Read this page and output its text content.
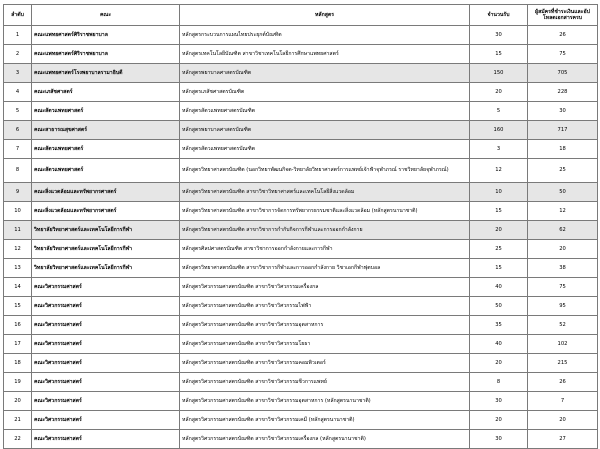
ลำดับ	คณะ	หลักสูตร	จำนวนรับ	ผู้สมัครที่ชำระเงินและอัปโหลดเอกสารครบ
1	คณะแพทยศาสตร์ศิริราชพยาบาล	หลักสูตรกระบวนการแผนไทยประยุกต์บัณฑิต	30	26
2	คณะแพทยศาสตร์ศิริราชพยาบาล	หลักสูตรเทคโนโลยีบัณฑิต สาขาวิชาเทคโนโลยีการศึกษาแพทยศาสตร์	15	75
3	คณะแพทยศาสตร์โรงพยาบาลรามาธิบดี	หลักสูตรพยาบาลศาสตรบัณฑิต	150	705
4	คณะเภสัชศาสตร์	หลักสูตรเภสัชศาสตรบัณฑิต	20	228
5	คณะสัตวแพทยศาสตร์	หลักสูตรสัตวแพทยศาสตรบัณฑิต	5	30
6	คณะสาธารณสุขศาสตร์	หลักสูตรพยาบาลศาสตรบัณฑิต	160	717
7	คณะสัตวแพทยศาสตร์	หลักสูตรสัตวแพทยศาสตรบัณฑิต	3	18
8	คณะสัตวแพทยศาสตร์	หลักสูตรวิทยาศาสตรบัณฑิต (นอกวิทยาพัฒนกิจต-วิทยาลัยวิทยาศาสตร์การแพทย์เจ้าฟ้าจุฬาภรณ์ ราชวิทยาลัยจุฬาภรณ์)	12	25
9	คณะสิ่งแวดล้อมและทรัพยากรศาสตร์	หลักสูตรวิทยาศาสตรบัณฑิต สาขาวิชาวิทยาศาสตร์และเทคโนโลยีสิ่งแวดล้อม	10	50
10	คณะสิ่งแวดล้อมและทรัพยากรศาสตร์	หลักสูตรวิทยาศาสตรบัณฑิต สาขาวิชาการจัดการทรัพยากรธรรมชาติและสิ่งแวดล้อม (หลักสูตรนานาชาติ)	15	12
11	วิทยาลัยวิทยาศาสตร์และเทคโนโลยีการกีฬา	หลักสูตรวิทยาศาสตรบัณฑิต สาขาวิชาการกำกับกิจการกีฬาและการออกกำลังกาย	20	62
12	วิทยาลัยวิทยาศาสตร์และเทคโนโลยีการกีฬา	หลักสูตรศิลปศาสตรบัณฑิต สาขาวิชาการออกกำลังกายและการกีฬา	25	20
13	วิทยาลัยวิทยาศาสตร์และเทคโนโลยีการกีฬา	หลักสูตรวิทยาศาสตรบัณฑิต สาขาวิชาการกีฬาและการออกกำลังกาย วิชาเอกกีฬาฟุตบอล	15	38
14	คณะวิศวกรรมศาสตร์	หลักสูตรวิศวกรรมศาสตรบัณฑิต สาขาวิชาวิศวกรรมเครื่องกล	40	75
15	คณะวิศวกรรมศาสตร์	หลักสูตรวิศวกรรมศาสตรบัณฑิต สาขาวิชาวิศวกรรมไฟฟ้า	50	95
16	คณะวิศวกรรมศาสตร์	หลักสูตรวิศวกรรมศาสตรบัณฑิต สาขาวิชาวิศวกรรมอุตสาหการ	35	52
17	คณะวิศวกรรมศาสตร์	หลักสูตรวิศวกรรมศาสตรบัณฑิต สาขาวิชาวิศวกรรมโยธา	40	102
18	คณะวิศวกรรมศาสตร์	หลักสูตรวิศวกรรมศาสตรบัณฑิต สาขาวิชาวิศวกรรมคอมพิวเตอร์	20	215
19	คณะวิศวกรรมศาสตร์	หลักสูตรวิศวกรรมศาสตรบัณฑิต สาขาวิชาวิศวกรรมชีวการแพทย์	8	26
20	คณะวิศวกรรมศาสตร์	หลักสูตรวิศวกรรมศาสตรบัณฑิต สาขาวิชาวิศวกรรมอุตสาหการ (หลักสูตรนานาชาติ)	30	7
21	คณะวิศวกรรมศาสตร์	หลักสูตรวิศวกรรมศาสตรบัณฑิต สาขาวิชาวิศวกรรมเคมี (หลักสูตรนานาชาติ)	20	20
22	คณะวิศวกรรมศาสตร์	หลักสูตรวิศวกรรมศาสตรบัณฑิต สาขาวิชาวิศวกรรมเครื่องกล (หลักสูตรนานาชาติ)	30	27
